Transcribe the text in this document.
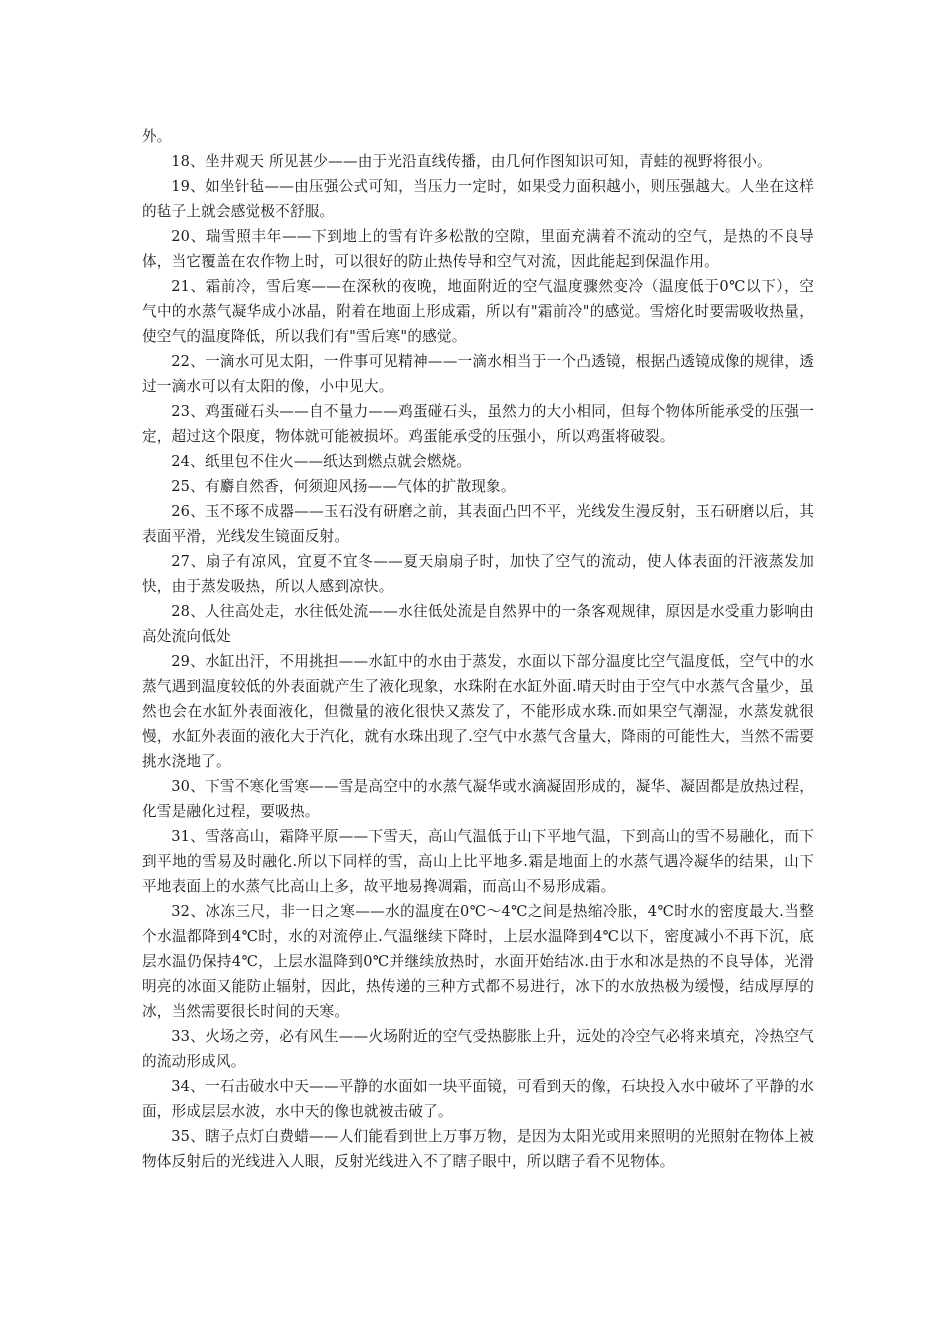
外。

18、坐井观天 所见甚少——由于光沿直线传播，由几何作图知识可知，青蛙的视野将很小。

19、如坐针毡——由压强公式可知，当压力一定时，如果受力面积越小，则压强越大。人坐在这样的毡子上就会感觉极不舒服。

20、瑞雪照丰年——下到地上的雪有许多松散的空隙，里面充满着不流动的空气，是热的不良导体，当它覆盖在农作物上时，可以很好的防止热传导和空气对流，因此能起到保温作用。

21、霜前冷，雪后寒——在深秋的夜晚，地面附近的空气温度骤然变冷（温度低于0℃以下），空气中的水蒸气凝华成小冰晶，附着在地面上形成霜，所以有"霜前冷"的感觉。雪熔化时要需吸收热量，使空气的温度降低，所以我们有"雪后寒"的感觉。

22、一滴水可见太阳，一件事可见精神——一滴水相当于一个凸透镜，根据凸透镜成像的规律，透过一滴水可以有太阳的像，小中见大。

23、鸡蛋碰石头——自不量力——鸡蛋碰石头，虽然力的大小相同，但每个物体所能承受的压强一定，超过这个限度，物体就可能被损坏。鸡蛋能承受的压强小，所以鸡蛋将破裂。

24、纸里包不住火——纸达到燃点就会燃烧。

25、有麝自然香，何须迎风扬——气体的扩散现象。

26、玉不琢不成器——玉石没有研磨之前，其表面凸凹不平，光线发生漫反射，玉石研磨以后，其表面平滑，光线发生镜面反射。

27、扇子有凉风，宜夏不宜冬——夏天扇扇子时，加快了空气的流动，使人体表面的汗液蒸发加快，由于蒸发吸热，所以人感到凉快。

28、人往高处走，水往低处流——水往低处流是自然界中的一条客观规律，原因是水受重力影响由高处流向低处

29、水缸出汗，不用挑担——水缸中的水由于蒸发，水面以下部分温度比空气温度低，空气中的水蒸气遇到温度较低的外表面就产生了液化现象，水珠附在水缸外面.晴天时由于空气中水蒸气含量少，虽然也会在水缸外表面液化，但微量的液化很快又蒸发了，不能形成水珠.而如果空气潮湿，水蒸发就很慢，水缸外表面的液化大于汽化，就有水珠出现了.空气中水蒸气含量大，降雨的可能性大，当然不需要挑水浇地了。

30、下雪不寒化雪寒——雪是高空中的水蒸气凝华或水滴凝固形成的，凝华、凝固都是放热过程，化雪是融化过程，要吸热。

31、雪落高山，霜降平原——下雪天，高山气温低于山下平地气温，下到高山的雪不易融化，而下到平地的雪易及时融化.所以下同样的雪，高山上比平地多.霜是地面上的水蒸气遇冷凝华的结果，山下平地表面上的水蒸气比高山上多，故平地易搀凋霜，而高山不易形成霜。

32、冰冻三尺，非一日之寒——水的温度在0℃～4℃之间是热缩冷胀，4℃时水的密度最大.当整个水温都降到4℃时，水的对流停止.气温继续下降时，上层水温降到4℃以下，密度减小不再下沉，底层水温仍保持4℃，上层水温降到0℃并继续放热时，水面开始结冰.由于水和冰是热的不良导体，光滑明亮的冰面又能防止辐射，因此，热传递的三种方式都不易进行，冰下的水放热极为缓慢，结成厚厚的冰，当然需要很长时间的天寒。

33、火场之旁，必有风生——火场附近的空气受热膨胀上升，远处的冷空气必将来填充，冷热空气的流动形成风。

34、一石击破水中天——平静的水面如一块平面镜，可看到天的像，石块投入水中破坏了平静的水面，形成层层水波，水中天的像也就被击破了。

35、瞎子点灯白费蜡——人们能看到世上万事万物，是因为太阳光或用来照明的光照射在物体上被物体反射后的光线进入人眼，反射光线进入不了瞎子眼中，所以瞎子看不见物体。
